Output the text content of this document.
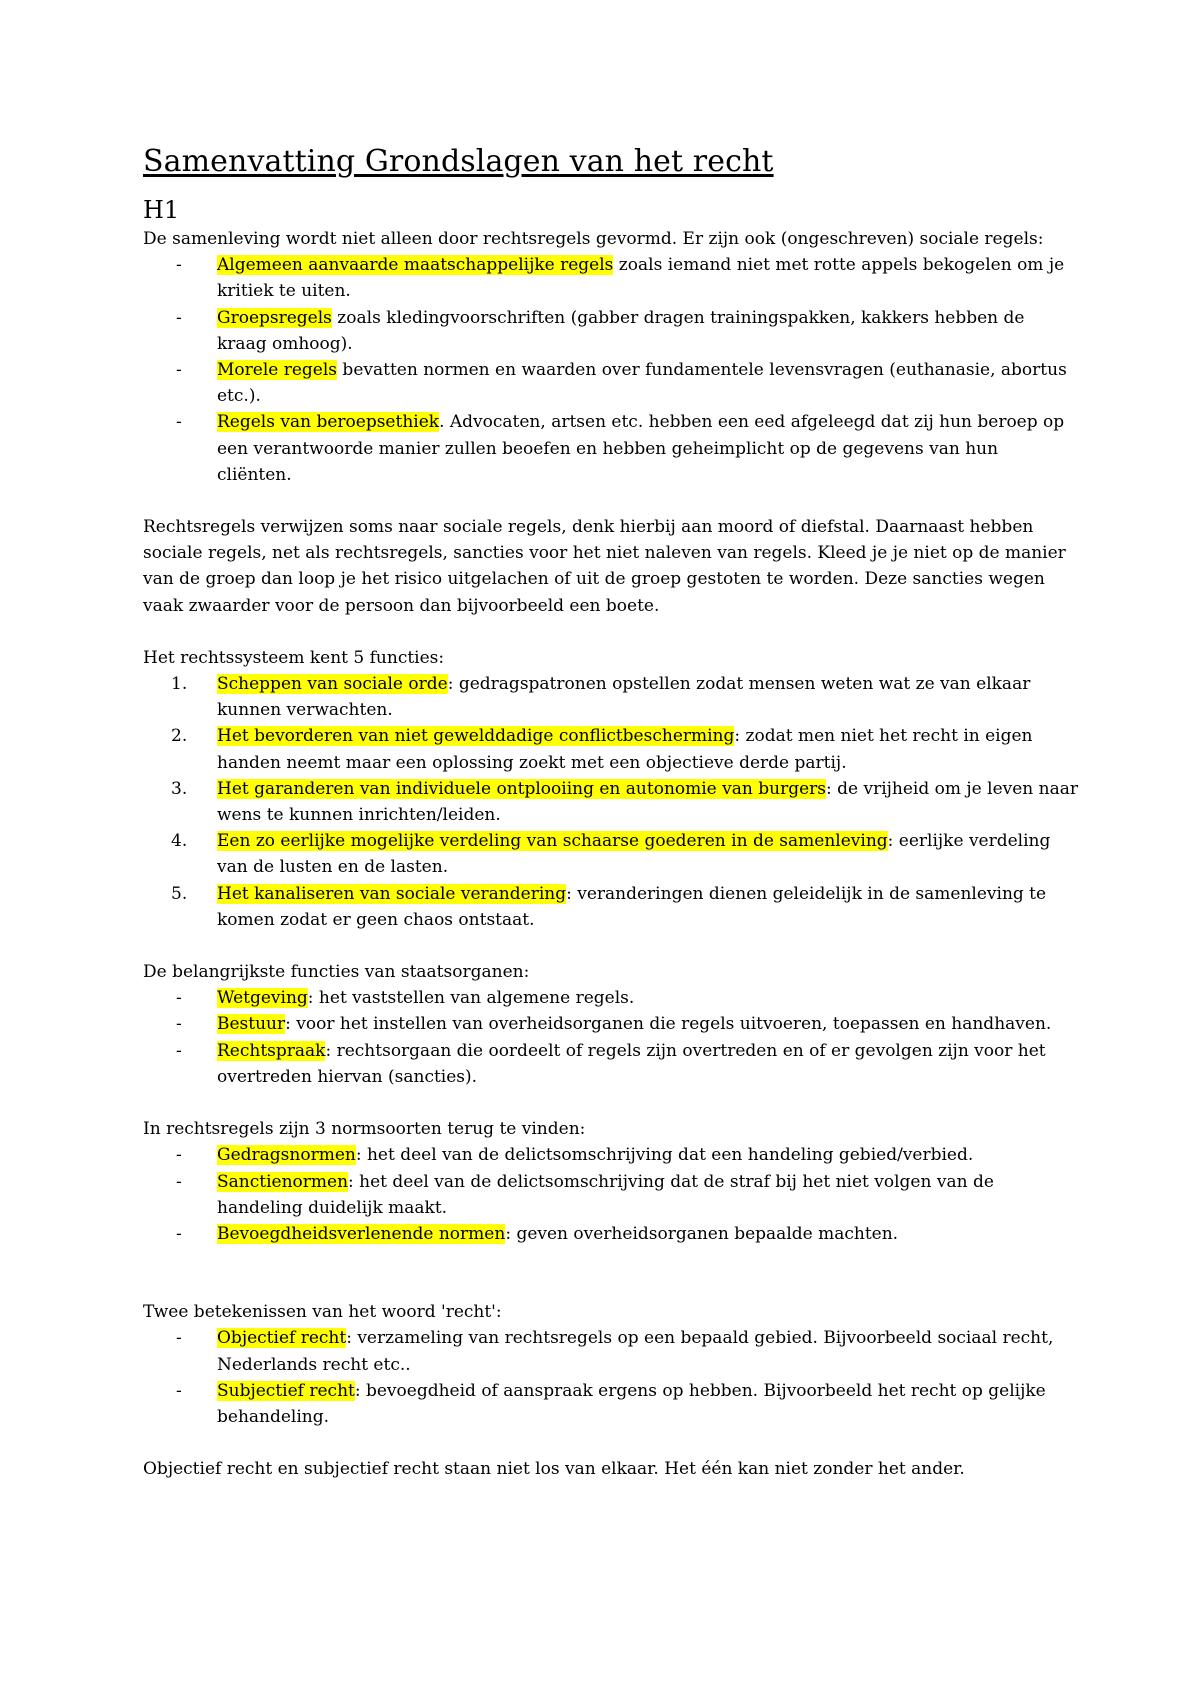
Samenvatting Grondslagen van het recht
H1

De samenleving wordt niet alleen door rechtsregels gevormd. Er zijn ook (ongeschreven) sociale regels:

- Algemeen aanvaarde maatschappelijke regels zoals iemand niet met rotte appels bekogelen om je kritiek te uiten.
- Groepsregels zoals kledingvoorschriften (gabber dragen trainingspakken, kakkers hebben de kraag omhoog).
- Morele regels bevatten normen en waarden over fundamentele levensvragen (euthanasie, abortus etc.).
- Regels van beroepsethiek. Advocaten, artsen etc. hebben een eed afgeleegd dat zij hun beroep op een verantwoorde manier zullen beoefen en hebben geheimplicht op de gegevens van hun cliënten.

Rechtsregels verwijzen soms naar sociale regels, denk hierbij aan moord of diefstal. Daarnaast hebben sociale regels, net als rechtsregels, sancties voor het niet naleven van regels. Kleed je je niet op de manier van de groep dan loop je het risico uitgelachen of uit de groep gestoten te worden. Deze sancties wegen vaak zwaarder voor de persoon dan bijvoorbeeld een boete.

Het rechtssysteem kent 5 functies:

1. Scheppen van sociale orde: gedragspatronen opstellen zodat mensen weten wat ze van elkaar kunnen verwachten.
2. Het bevorderen van niet gewelddadige conflictbescherming: zodat men niet het recht in eigen handen neemt maar een oplossing zoekt met een objectieve derde partij.
3. Het garanderen van individuele ontplooiing en autonomie van burgers: de vrijheid om je leven naar wens te kunnen inrichten/leiden.
4. Een zo eerlijke mogelijke verdeling van schaarse goederen in de samenleving: eerlijke verdeling van de lusten en de lasten.
5. Het kanaliseren van sociale verandering: veranderingen dienen geleidelijk in de samenleving te komen zodat er geen chaos ontstaat.

De belangrijkste functies van staatsorganen:

- Wetgeving: het vaststellen van algemene regels.
- Bestuur: voor het instellen van overheidsorganen die regels uitvoeren, toepassen en handhaven.
- Rechtspraak: rechtsorgaan die oordeelt of regels zijn overtreden en of er gevolgen zijn voor het overtreden hiervan (sancties).

In rechtsregels zijn 3 normsoorten terug te vinden:

- Gedragsnormen: het deel van de delictsomschrijving dat een handeling gebied/verbied.
- Sanctienormen: het deel van de delictsomschrijving dat de straf bij het niet volgen van de handeling duidelijk maakt.
- Bevoegdheidsverlenende normen: geven overheidsorganen bepaalde machten.

Twee betekenissen van het woord 'recht':

- Objectief recht: verzameling van rechtsregels op een bepaald gebied. Bijvoorbeeld sociaal recht, Nederlands recht etc..
- Subjectief recht: bevoegdheid of aanspraak ergens op hebben. Bijvoorbeeld het recht op gelijke behandeling.

Objectief recht en subjectief recht staan niet los van elkaar. Het één kan niet zonder het ander.
